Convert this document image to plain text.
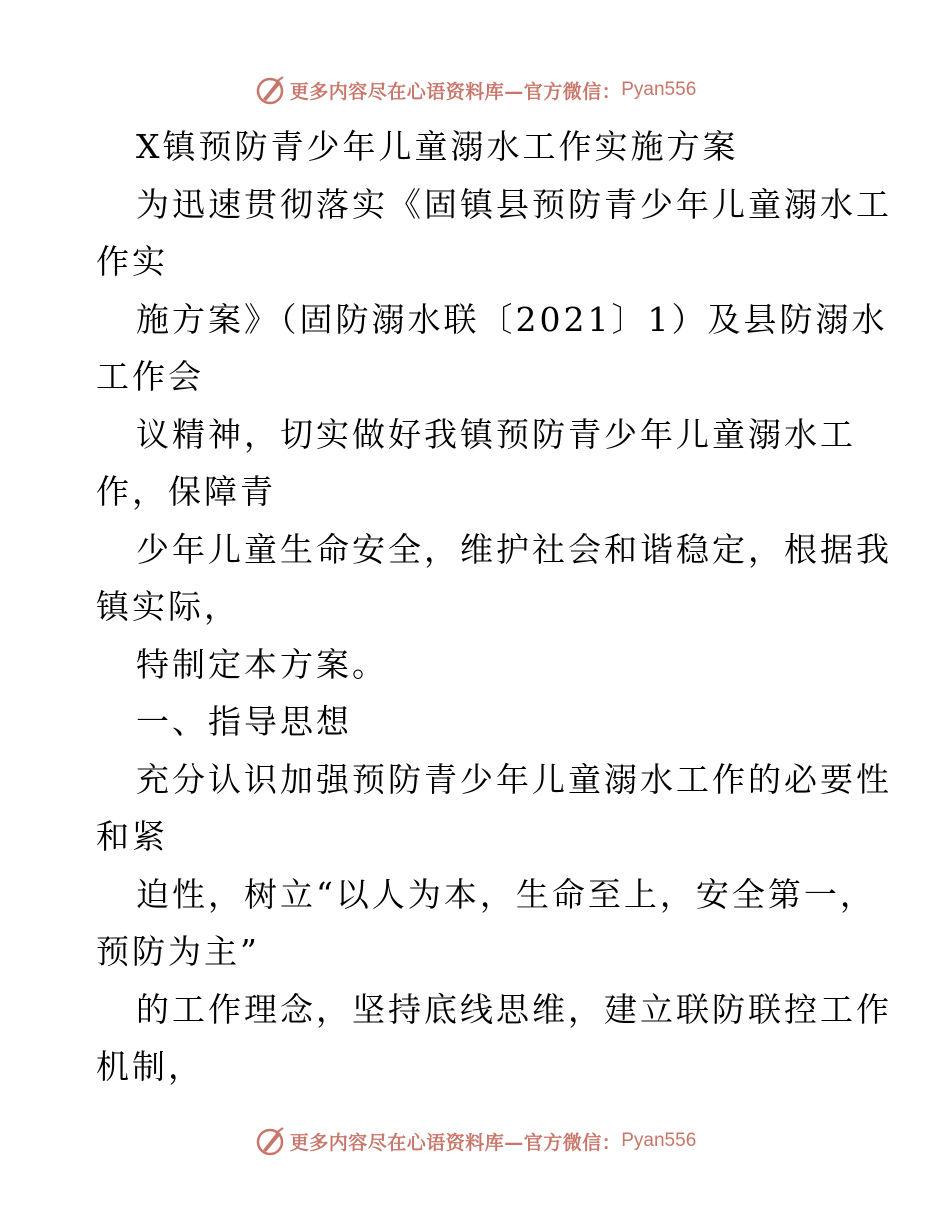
更多内容尽在心语资料库—官方微信： Pyan556
X镇预防青少年儿童溺水工作实施方案
为迅速贯彻落实《固镇县预防青少年儿童溺水工
作实
施方案》（固防溺水联〔2021〕1）及县防溺水
工作会
议精神，切实做好我镇预防青少年儿童溺水工
作，保障青
少年儿童生命安全，维护社会和谐稳定，根据我
镇实际，
特制定本方案。
一、指导思想
充分认识加强预防青少年儿童溺水工作的必要性
和紧
迫性，树立“以人为本，生命至上，安全第一，
预防为主”
的工作理念，坚持底线思维，建立联防联控工作
机制，
更多内容尽在心语资料库—官方微信： Pyan556
